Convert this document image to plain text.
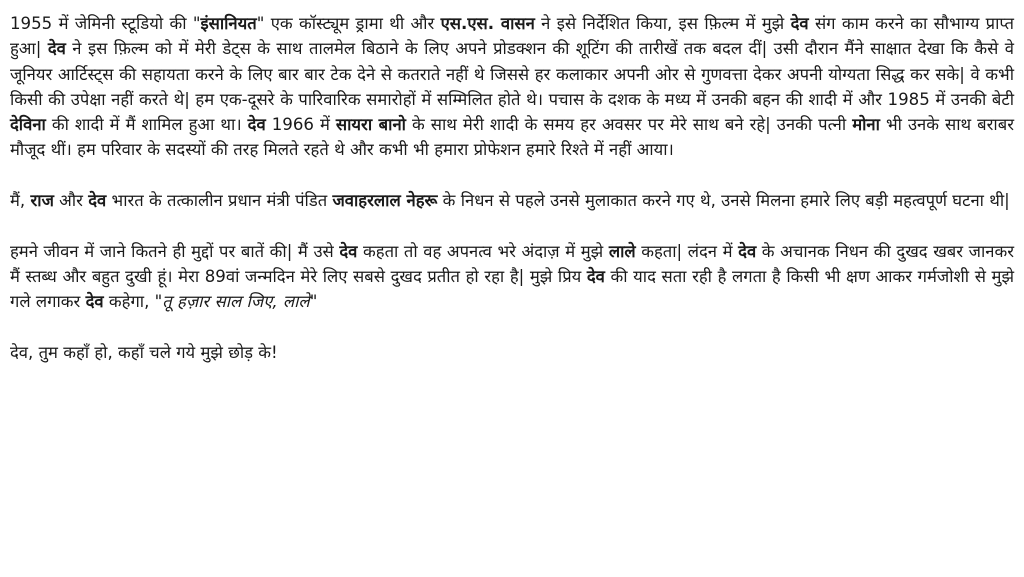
1955 में जेमिनी स्टूडियो की "इंसानियत" एक कॉस्ट्यूम ड्रामा थी और एस.एस. वासन ने इसे निर्देशित किया, इस फ़िल्म में मुझे देव संग काम करने का सौभाग्य प्राप्त हुआ| देव ने इस फ़िल्म को में मेरी डेट्स के साथ तालमेल बिठाने के लिए अपने प्रोडक्शन की शूटिंग की तारीखें तक बदल दीं| उसी दौरान मैंने साक्षात देखा कि कैसे वे जूनियर आर्टिस्ट्स की सहायता करने के लिए बार बार टेक देने से कतराते नहीं थे जिससे हर कलाकार अपनी ओर से गुणवत्ता देकर अपनी योग्यता सिद्ध कर सके| वे कभी किसी की उपेक्षा नहीं करते थे| हम एक-दूसरे के पारिवारिक समारोहों में सम्मिलित होते थे। पचास के दशक के मध्य में उनकी बहन की शादी में और 1985 में उनकी बेटी देविना की शादी में मैं शामिल हुआ था। देव 1966 में सायरा बानो के साथ मेरी शादी के समय हर अवसर पर मेरे साथ बने रहे| उनकी पत्नी मोना भी उनके साथ बराबर मौजूद थीं। हम परिवार के सदस्यों की तरह मिलते रहते थे और कभी भी हमारा प्रोफेशन हमारे रिश्ते में नहीं आया।

मैं, राज और देव भारत के तत्कालीन प्रधान मंत्री पंडित जवाहरलाल नेहरू के निधन से पहले उनसे मुलाकात करने गए थे, उनसे मिलना हमारे लिए बड़ी महत्वपूर्ण घटना थी|

हमने जीवन में जाने कितने ही मुद्दों पर बातें की| मैं उसे देव कहता तो वह अपनत्व भरे अंदाज़ में मुझे लाले कहता| लंदन में देव के अचानक निधन की दुखद खबर जानकर मैं स्तब्ध और बहुत दुखी हूं। मेरा 89वां जन्मदिन मेरे लिए सबसे दुखद प्रतीत हो रहा है| मुझे प्रिय देव की याद सता रही है लगता है किसी भी क्षण आकर गर्मजोशी से मुझे गले लगाकर देव कहेगा, "तू हज़ार साल जिए, लाले"

देव, तुम कहाँ हो, कहाँ चले गये मुझे छोड़ के!
